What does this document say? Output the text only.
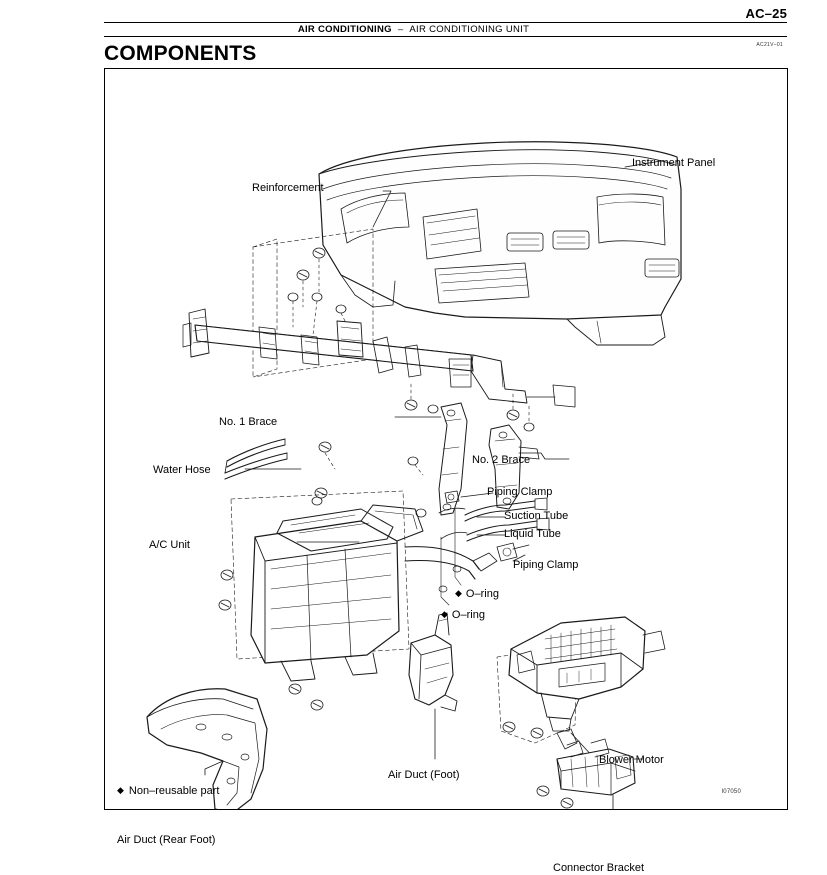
AC–25
AIR CONDITIONING – AIR CONDITIONING UNIT
COMPONENTS	AC21V–01
Instrument Panel
Reinforcement
No. 1 Brace
No. 2 Brace
Water Hose
Piping Clamp
Suction Tube
Liquid Tube
A/C Unit
Piping Clamp
◆ O–ring
◆ O–ring
Blower Motor
Air Duct (Foot)
Air Duct (Rear Foot)
Connector Bracket
◆ Non–reusable part	I07050
